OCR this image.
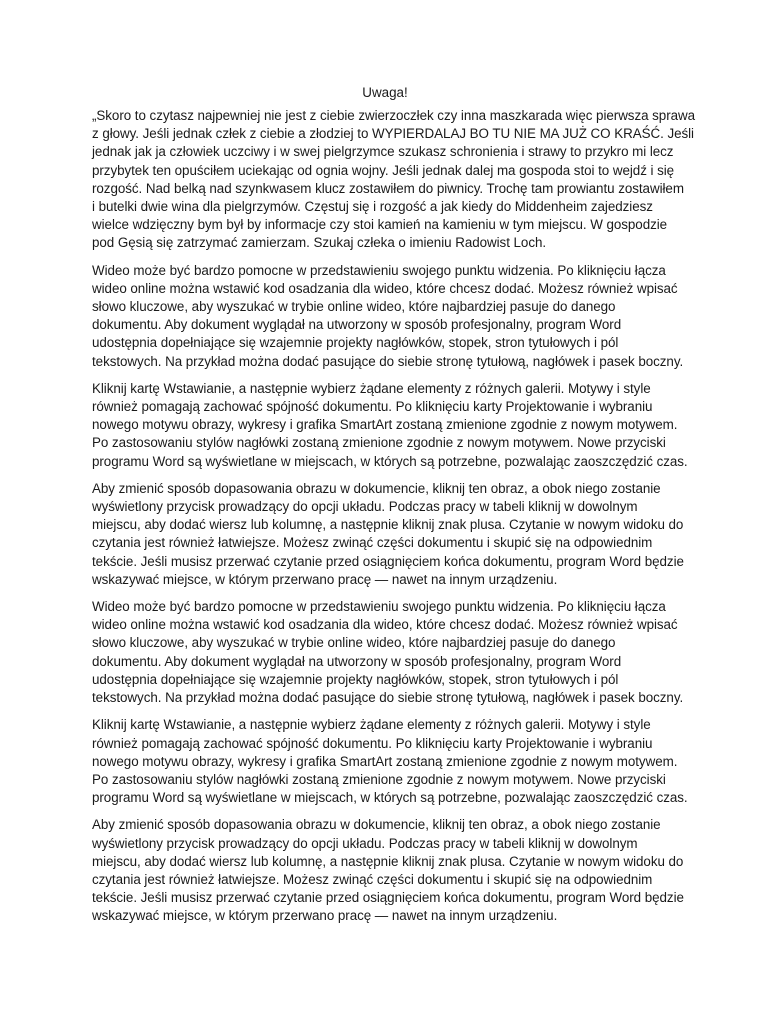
Uwaga!

„Skoro to czytasz najpewniej nie jest z ciebie zwierzoczłek czy inna maszkarada więc pierwsza sprawa
z głowy. Jeśli jednak człek z ciebie a złodziej to WYPIERDALAJ BO TU NIE MA JUŻ CO KRAŚĆ. Jeśli
jednak jak ja człowiek uczciwy i w swej pielgrzymce szukasz schronienia i strawy to przykro mi lecz
przybytek ten opuściłem uciekając od ognia wojny. Jeśli jednak dalej ma gospoda stoi to wejdź i się
rozgość. Nad belką nad szynkwasem klucz zostawiłem do piwnicy. Trochę tam prowiantu zostawiłem
i butelki dwie wina dla pielgrzymów. Częstuj się i rozgość a jak kiedy do Middenheim zajedziesz
wielce wdzięczny bym był by informacje czy stoi kamień na kamieniu w tym miejscu. W gospodzie
pod Gęsią się zatrzymać zamierzam. Szukaj człeka o imieniu Radowist Loch.

Wideo może być bardzo pomocne w przedstawieniu swojego punktu widzenia. Po kliknięciu łącza
wideo online można wstawić kod osadzania dla wideo, które chcesz dodać. Możesz również wpisać
słowo kluczowe, aby wyszukać w trybie online wideo, które najbardziej pasuje do danego
dokumentu. Aby dokument wyglądał na utworzony w sposób profesjonalny, program Word
udostępnia dopełniające się wzajemnie projekty nagłówków, stopek, stron tytułowych i pól
tekstowych. Na przykład można dodać pasujące do siebie stronę tytułową, nagłówek i pasek boczny.

Kliknij kartę Wstawianie, a następnie wybierz żądane elementy z różnych galerii. Motywy i style
również pomagają zachować spójność dokumentu. Po kliknięciu karty Projektowanie i wybraniu
nowego motywu obrazy, wykresy i grafika SmartArt zostaną zmienione zgodnie z nowym motywem.
Po zastosowaniu stylów nagłówki zostaną zmienione zgodnie z nowym motywem. Nowe przyciski
programu Word są wyświetlane w miejscach, w których są potrzebne, pozwalając zaoszczędzić czas.

Aby zmienić sposób dopasowania obrazu w dokumencie, kliknij ten obraz, a obok niego zostanie
wyświetlony przycisk prowadzący do opcji układu. Podczas pracy w tabeli kliknij w dowolnym
miejscu, aby dodać wiersz lub kolumnę, a następnie kliknij znak plusa. Czytanie w nowym widoku do
czytania jest również łatwiejsze. Możesz zwinąć części dokumentu i skupić się na odpowiednim
tekście. Jeśli musisz przerwać czytanie przed osiągnięciem końca dokumentu, program Word będzie
wskazywać miejsce, w którym przerwano pracę — nawet na innym urządzeniu.

Wideo może być bardzo pomocne w przedstawieniu swojego punktu widzenia. Po kliknięciu łącza
wideo online można wstawić kod osadzania dla wideo, które chcesz dodać. Możesz również wpisać
słowo kluczowe, aby wyszukać w trybie online wideo, które najbardziej pasuje do danego
dokumentu. Aby dokument wyglądał na utworzony w sposób profesjonalny, program Word
udostępnia dopełniające się wzajemnie projekty nagłówków, stopek, stron tytułowych i pól
tekstowych. Na przykład można dodać pasujące do siebie stronę tytułową, nagłówek i pasek boczny.

Kliknij kartę Wstawianie, a następnie wybierz żądane elementy z różnych galerii. Motywy i style
również pomagają zachować spójność dokumentu. Po kliknięciu karty Projektowanie i wybraniu
nowego motywu obrazy, wykresy i grafika SmartArt zostaną zmienione zgodnie z nowym motywem.
Po zastosowaniu stylów nagłówki zostaną zmienione zgodnie z nowym motywem. Nowe przyciski
programu Word są wyświetlane w miejscach, w których są potrzebne, pozwalając zaoszczędzić czas.

Aby zmienić sposób dopasowania obrazu w dokumencie, kliknij ten obraz, a obok niego zostanie
wyświetlony przycisk prowadzący do opcji układu. Podczas pracy w tabeli kliknij w dowolnym
miejscu, aby dodać wiersz lub kolumnę, a następnie kliknij znak plusa. Czytanie w nowym widoku do
czytania jest również łatwiejsze. Możesz zwinąć części dokumentu i skupić się na odpowiednim
tekście. Jeśli musisz przerwać czytanie przed osiągnięciem końca dokumentu, program Word będzie
wskazywać miejsce, w którym przerwano pracę — nawet na innym urządzeniu.
